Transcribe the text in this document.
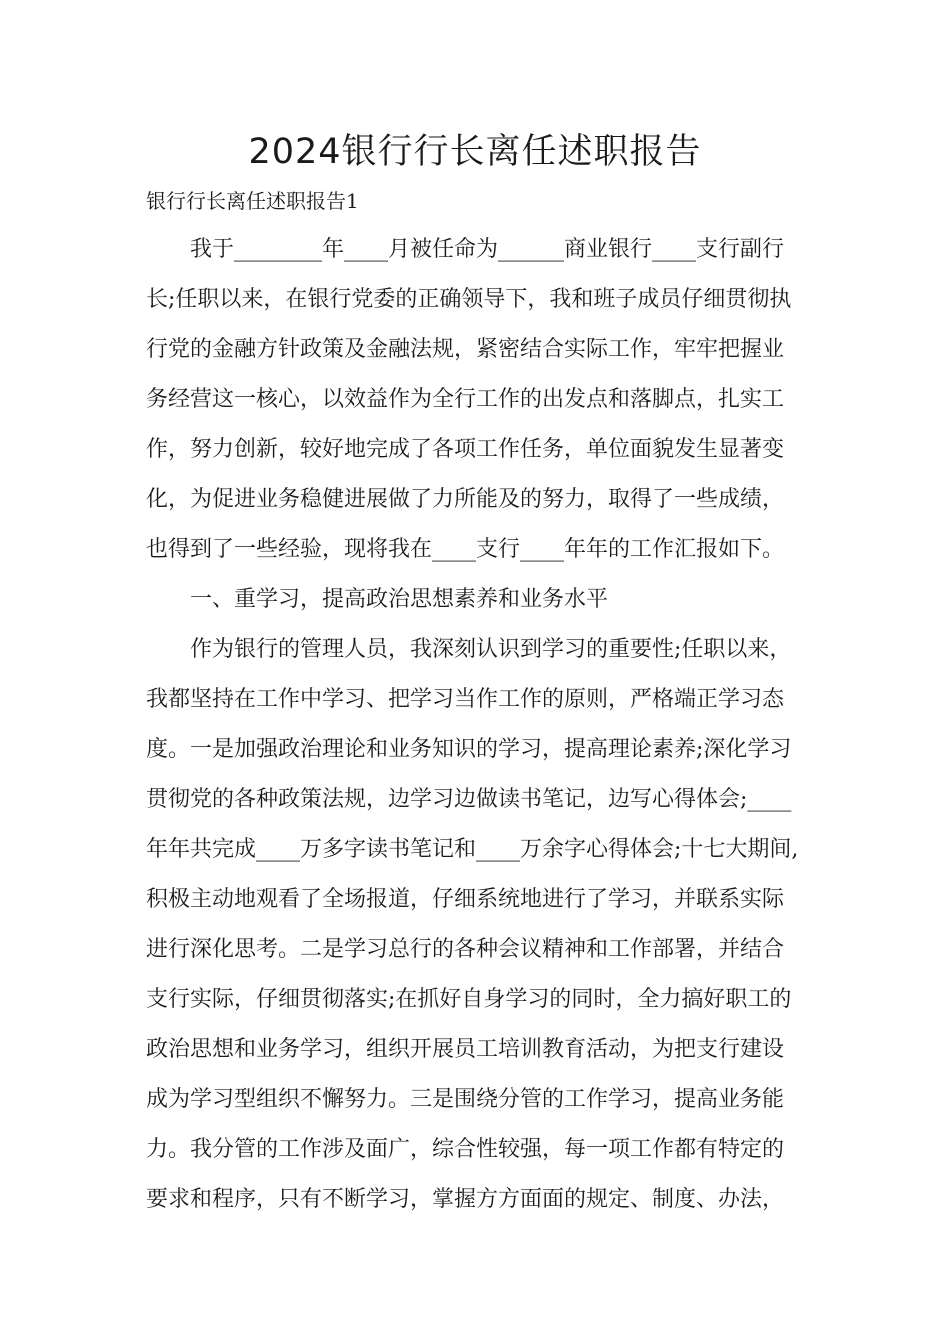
2024银行行长离任述职报告

银行行长离任述职报告1

我于________年____月被任命为______商业银行____支行副行

长;任职以来，在银行党委的正确领导下，我和班子成员仔细贯彻执

行党的金融方针政策及金融法规，紧密结合实际工作，牢牢把握业

务经营这一核心，以效益作为全行工作的出发点和落脚点，扎实工

作，努力创新，较好地完成了各项工作任务，单位面貌发生显著变

化，为促进业务稳健进展做了力所能及的努力，取得了一些成绩，

也得到了一些经验，现将我在____支行____年年的工作汇报如下。

一、重学习，提高政治思想素养和业务水平

作为银行的管理人员，我深刻认识到学习的重要性;任职以来，

我都坚持在工作中学习、把学习当作工作的原则，严格端正学习态

度。一是加强政治理论和业务知识的学习，提高理论素养;深化学习

贯彻党的各种政策法规，边学习边做读书笔记，边写心得体会;____

年年共完成____万多字读书笔记和____万余字心得体会;十七大期间,

积极主动地观看了全场报道，仔细系统地进行了学习，并联系实际

进行深化思考。二是学习总行的各种会议精神和工作部署，并结合

支行实际，仔细贯彻落实;在抓好自身学习的同时，全力搞好职工的

政治思想和业务学习，组织开展员工培训教育活动，为把支行建设

成为学习型组织不懈努力。三是围绕分管的工作学习，提高业务能

力。我分管的工作涉及面广，综合性较强，每一项工作都有特定的

要求和程序，只有不断学习，掌握方方面面的规定、制度、办法，
